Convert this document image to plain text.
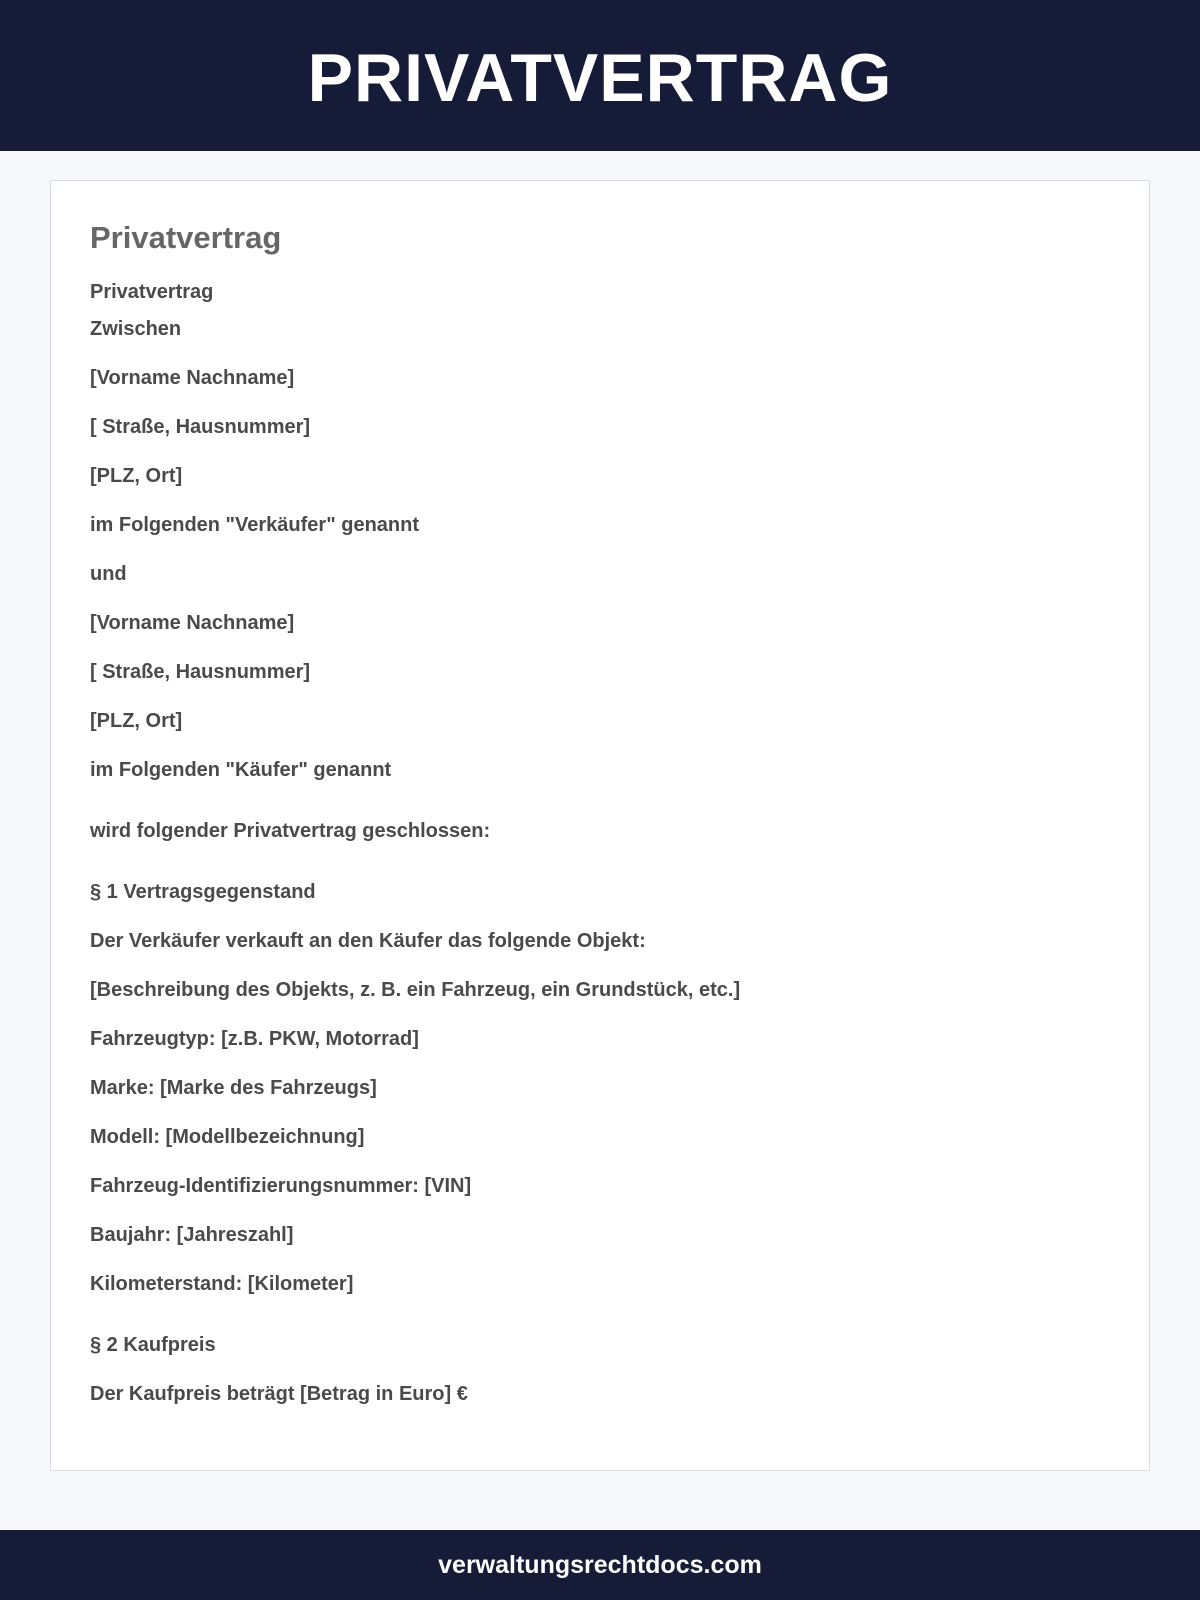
PRIVATVERTRAG
Privatvertrag

Privatvertrag

Zwischen

[Vorname Nachname]

[ Straße, Hausnummer]

[PLZ, Ort]

im Folgenden "Verkäufer" genannt

und

[Vorname Nachname]

[ Straße, Hausnummer]

[PLZ, Ort]

im Folgenden "Käufer" genannt

wird folgender Privatvertrag geschlossen:

§ 1 Vertragsgegenstand

Der Verkäufer verkauft an den Käufer das folgende Objekt:

[Beschreibung des Objekts, z. B. ein Fahrzeug, ein Grundstück, etc.]

Fahrzeugtyp: [z.B. PKW, Motorrad]

Marke: [Marke des Fahrzeugs]

Modell: [Modellbezeichnung]

Fahrzeug-Identifizierungsnummer: [VIN]

Baujahr: [Jahreszahl]

Kilometerstand: [Kilometer]

§ 2 Kaufpreis

Der Kaufpreis beträgt [Betrag in Euro] €

verwaltungsrechtdocs.com
